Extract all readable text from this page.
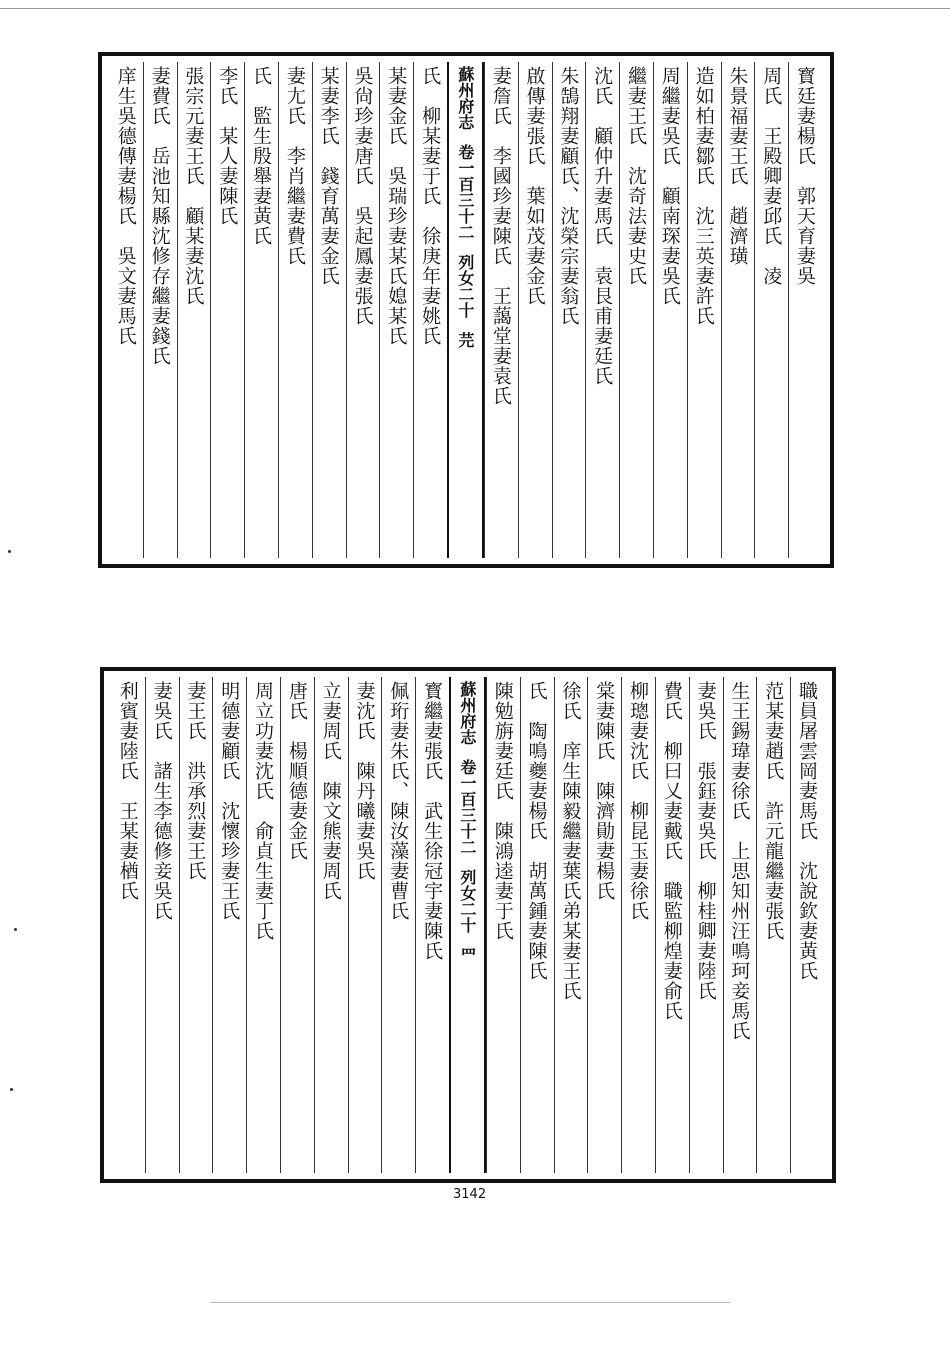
寳廷妻楊氏　郭天育妻吳
周氏　王殿卿妻邱氏　凌
朱景福妻王氏　趙濟璜
造如柏妻鄒氏　沈三英妻許氏
周繼妻吳氏　顧南琛妻吳氏
繼妻王氏　沈奇法妻史氏
沈氏　顧仲升妻馬氏　袁艮甫妻廷氏
朱鵠翔妻顧氏、沈榮宗妻翁氏
啟傳妻張氏　葉如茂妻金氏
妻詹氏　李國珍妻陳氏　王藹堂妻袁氏
蘇州府志卷一百三十二列女二十芫
氏　柳某妻于氏　徐庚年妻姚氏
某妻金氏　吳瑞珍妻某氏媳某氏
吳尙珍妻唐氏　吳起鳳妻張氏
某妻李氏　錢育萬妻金氏
妻尢氏　李肖繼妻費氏
氏　監生殷舉妻黃氏
李氏　某人妻陳氏
張宗元妻王氏　顧某妻沈氏
妻費氏　岳池知縣沈修存繼妻錢氏
庠生吳德傳妻楊氏　吳文妻馬氏
職員屠雲岡妻馬氏　沈說欽妻黃氏
范某妻趙氏　許元龍繼妻張氏
生王錫瑋妻徐氏　上思知州汪鳴珂妾馬氏
妻吳氏　張鈺妻吳氏　柳桂卿妻陸氏
費氏　柳曰乂妻戴氏　職監柳煌妻俞氏
柳璁妻沈氏　柳昆玉妻徐氏
棠妻陳氏　陳濟勛妻楊氏
徐氏　庠生陳毅繼妻葉氏弟某妻王氏
氏　陶鳴夔妻楊氏　胡萬鍾妻陳氏
陳勉旃妻廷氏　陳鴻逵妻于氏
蘇州府志卷一百三十二列女二十罒
寳繼妻張氏　武生徐冠宇妻陳氏
佩珩妻朱氏、陳汝藻妻曹氏
妻沈氏　陳丹曦妻吳氏
立妻周氏　陳文熊妻周氏
唐氏　楊順德妻金氏
周立功妻沈氏　俞貞生妻丁氏
明德妻顧氏　沈懷珍妻王氏
妻王氏　洪承烈妻王氏
妻吳氏　諸生李德修妾吳氏
利賓妻陸氏　王某妻楢氏
3142
